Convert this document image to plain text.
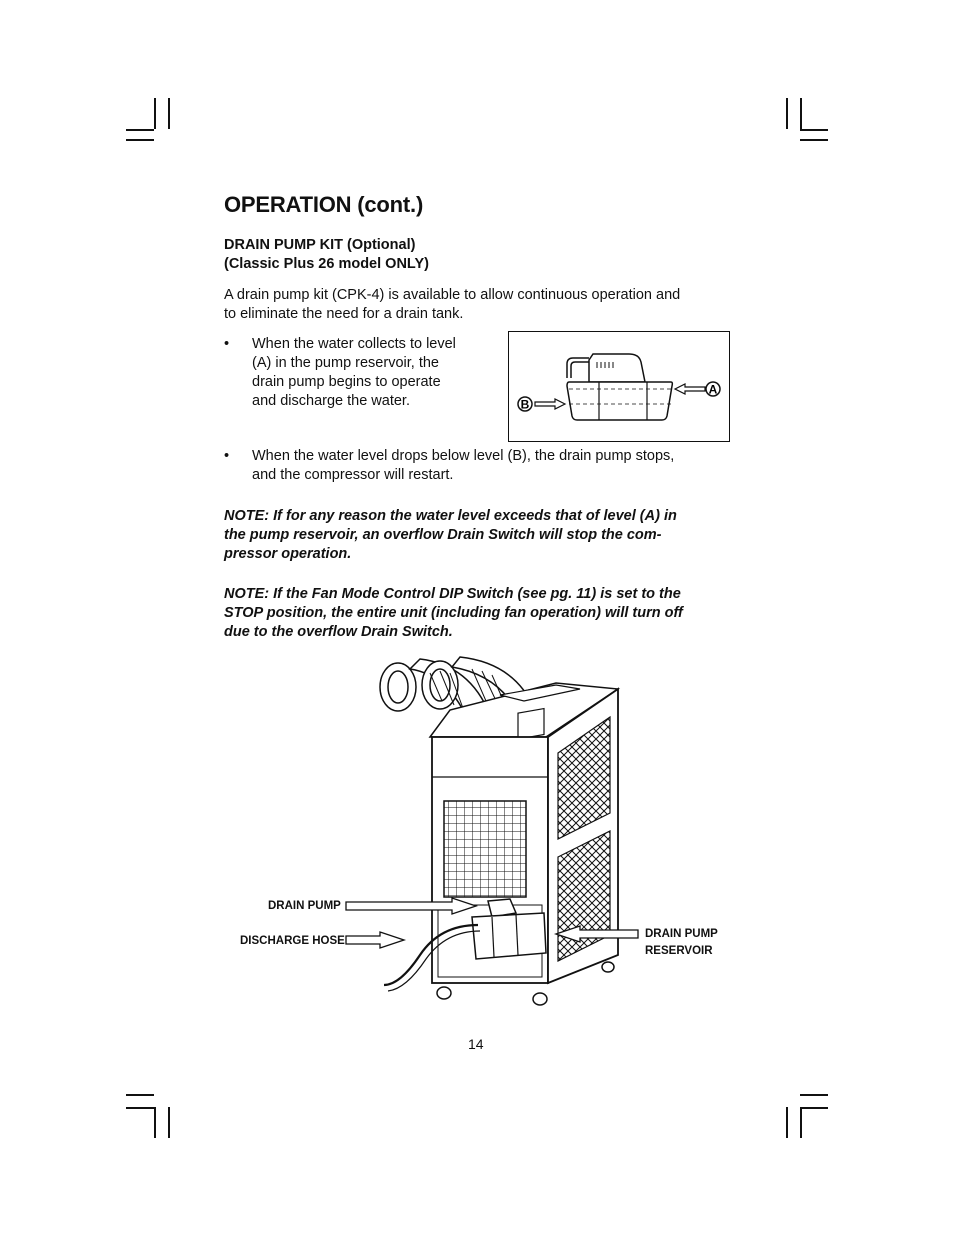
OPERATION (cont.)
DRAIN PUMP KIT (Optional)
(Classic Plus 26 model ONLY)
A drain pump kit (CPK-4) is available to allow continuous operation and
to eliminate the need for a drain tank.
• When the water collects to level
(A) in the pump reservoir, the
drain pump begins to operate
and discharge the water.
A
B
• When the water level drops below level (B), the drain pump stops,
and the compressor will restart.
NOTE: If for any reason the water level exceeds that of level (A) in
the pump reservoir, an overflow Drain Switch will stop the com-
pressor operation.
NOTE: If the Fan Mode Control DIP Switch (see pg. 11) is set to the
STOP position, the entire unit (including fan operation) will turn off
due to the overflow Drain Switch.
DRAIN PUMP
DISCHARGE HOSE
DRAIN PUMP
RESERVOIR
14
